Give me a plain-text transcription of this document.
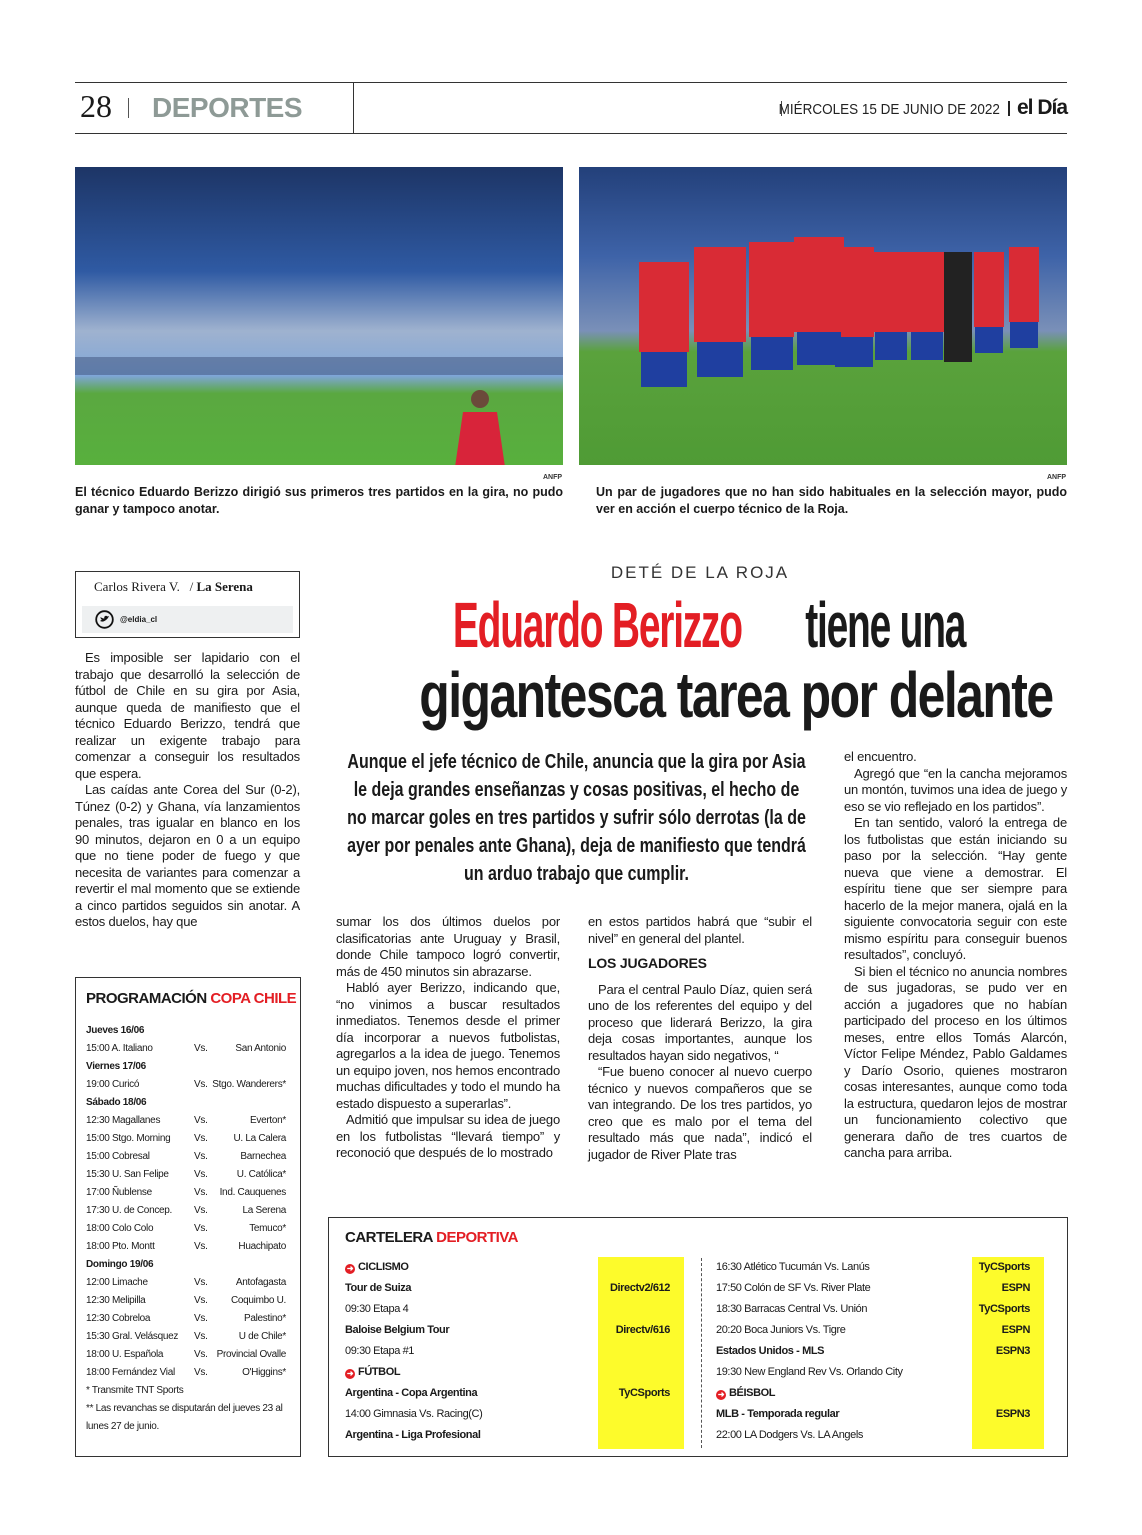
28 DEPORTES	MIÉRCOLES 15 DE JUNIO DE 2022 el Día
ANFP	ANFP
El técnico Eduardo Berizzo dirigió sus primeros tres partidos en la gira, no pudo ganar y tampoco anotar.
Un par de jugadores que no han sido habituales en la selección mayor, pudo ver en acción el cuerpo técnico de la Roja.
Carlos Rivera V. / La Serena
@eldia_cl
DETÉ DE LA ROJA
Eduardo Berizzotiene una
gigantesca tarea por delante
Aunque el jefe técnico de Chile, anuncia que la gira por Asia le deja grandes enseñanzas y cosas positivas, el hecho de no marcar goles en tres partidos y sufrir sólo derrotas (la de ayer por penales ante Ghana), deja de manifiesto que tendrá un arduo trabajo que cumplir.

Es imposible ser lapidario con el trabajo que desarrolló la selección de fútbol de Chile en su gira por Asia, aunque queda de manifiesto que el técnico Eduardo Berizzo, tendrá que realizar un exigente trabajo para comenzar a conseguir los resultados que espera.

Las caídas ante Corea del Sur (0-2), Túnez (0-2) y Ghana, vía lanzamientos penales, tras igualar en blanco en los 90 minutos, dejaron en 0 a un equipo que no tiene poder de fuego y que necesita de variantes para comenzar a revertir el mal momento que se extiende a cinco partidos seguidos sin anotar. A estos duelos, hay que	sumar los dos últimos duelos por clasificatorias ante Uruguay y Brasil, donde Chile tampoco logró convertir, más de 450 minutos sin abrazarse.

Habló ayer Berizzo, indicando que, “no vinimos a buscar resultados inmediatos. Tenemos desde el primer día incorporar a nuevos futbolistas, agregarlos a la idea de juego. Tenemos un equipo joven, nos hemos encontrado muchas dificultades y todo el mundo ha estado dispuesto a superarlas”.

Admitió que impulsar su idea de juego en los futbolistas “llevará tiempo” y reconoció que después de lo mostrado

en estos partidos habrá que “subir el nivel” en general del plantel.

LOS JUGADORES

Para el central Paulo Díaz, quien será uno de los referentes del equipo y del proceso que liderará Berizzo, la gira deja cosas importantes, aunque los resultados hayan sido negativos, “

“Fue bueno conocer al nuevo cuerpo técnico y nuevos compañeros que se van integrando. De los tres partidos, yo creo que es malo por el tema del resultado más que nada”, indicó el jugador de River Plate tras

el encuentro.

Agregó que “en la cancha mejoramos un montón, tuvimos una idea de juego y eso se vio reflejado en los partidos”.

En tan sentido, valoró la entrega de los futbolistas que están iniciando su paso por la selección. “Hay gente nueva que viene a demostrar. El espíritu tiene que ser siempre para hacerlo de la mejor manera, ojalá en la siguiente convocatoria seguir con este mismo espíritu para conseguir buenos resultados”, concluyó.

Si bien el técnico no anuncia nombres de sus jugadoras, se pudo ver en acción a jugadores que no habían participado del proceso en los últimos meses, entre ellos Tomás Alarcón, Víctor Felipe Méndez, Pablo Galdames y Darío Osorio, quienes mostraron cosas interesantes, aunque como toda la estructura, quedaron lejos de mostrar un funcionamiento colectivo que generara daño de tres cuartos de cancha para arriba.

PROGRAMACIÓN COPA CHILE
Jueves 16/06
15:00 A. Italiano	Vs.	San Antonio
Viernes 17/06
19:00 Curicó	Vs. Stgo. Wanderers*
Sábado 18/06
12:30 Magallanes	Vs.	Everton*
15:00 Stgo. Morning Vs.	U. La Calera
15:00 Cobresal	Vs.	Barnechea
15:30 U. San Felipe	Vs.	U. Católica*
17:00 Ñublense	Vs. Ind. Cauquenes
17:30 U. de Concep. Vs.	La Serena
18:00 Colo Colo	Vs.	Temuco*
18:00 Pto. Montt	Vs.	Huachipato
Domingo 19/06
12:00 Limache	Vs.	Antofagasta
12:30 Melipilla	Vs. Coquimbo U.
12:30 Cobreloa	Vs.	Palestino*
15:30 Gral. Velásquez Vs.	U de Chile*
18:00 U. Española	Vs. Provincial Ovalle
18:00 Fernández Vial Vs.	O'Higgins*
* Transmite TNT Sports
** Las revanchas se disputarán del jueves 23 al
lunes 27 de junio.
CARTELERA DEPORTIVA
➜ CICLISMO
Tour de Suiza	Directv2/612
09:30 Etapa 4
Baloise Belgium Tour	Directv/616
09:30 Etapa #1
➜ FÚTBOL
Argentina - Copa Argentina	TyCSports
14:00 Gimnasia Vs. Racing(C)
Argentina - Liga Profesional
16:30 Atlético Tucumán Vs. Lanús	TyCSports
17:50 Colón de SF Vs. River Plate	ESPN
18:30 Barracas Central Vs. Unión	TyCSports
20:20 Boca Juniors Vs. Tigre	ESPN
Estados Unidos - MLS	ESPN3
19:30 New England Rev Vs. Orlando City
➜ BÉISBOL
MLB - Temporada regular	ESPN3
22:00 LA Dodgers Vs. LA Angels
